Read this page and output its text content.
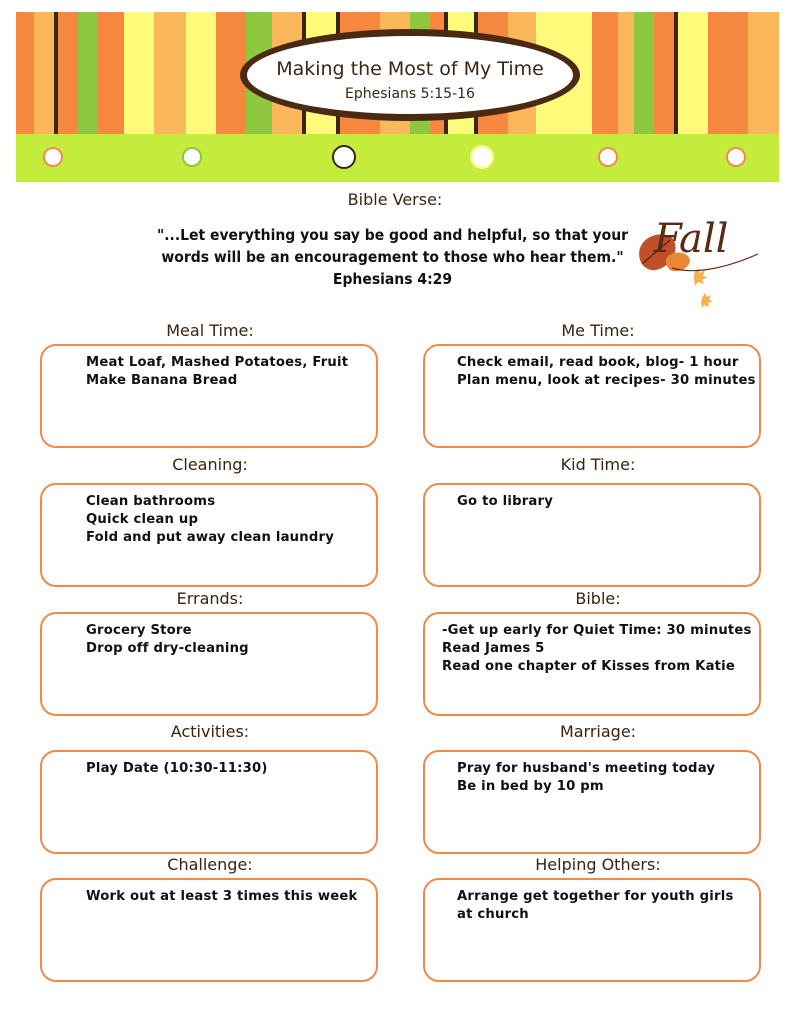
Making the Most of My Time
Ephesians 5:15-16
Bible Verse:
"...Let everything you say be good and helpful, so that your
words will be an encouragement to those who hear them."
Ephesians 4:29
Fall
Meal Time:
Meat Loaf, Mashed Potatoes, Fruit
Make Banana Bread
Cleaning:
Clean bathrooms
Quick clean up
Fold and put away clean laundry
Errands:
Grocery Store
Drop off dry-cleaning
Activities:
Play Date (10:30-11:30)
Challenge:
Work out at least 3 times this week
Me Time:
Check email, read book, blog- 1 hour
Plan menu, look at recipes- 30 minutes
Kid Time:
Go to library
Bible:
-Get up early for Quiet Time: 30 minutes
Read James 5
Read one chapter of Kisses from Katie
Marriage:
Pray for husband's meeting today
Be in bed by 10 pm
Helping Others:
Arrange get together for youth girls
at church
